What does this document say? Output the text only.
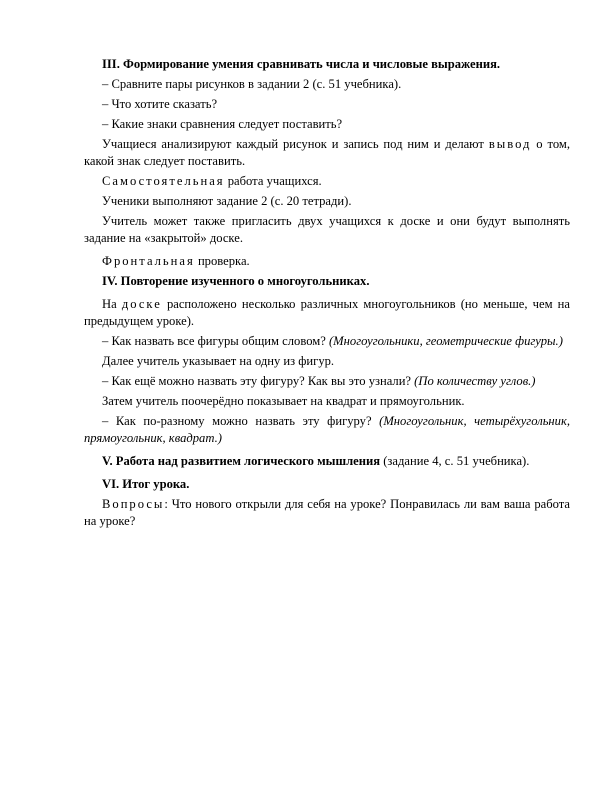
III. Формирование умения сравнивать числа и числовые выражения.

– Сравните пары рисунков в задании 2 (с. 51 учебника).

– Что хотите сказать?

– Какие знаки сравнения следует поставить?

Учащиеся анализируют каждый рисунок и запись под ним и делают вывод о том, какой знак следует поставить.

Самостоятельная работа учащихся.

Ученики выполняют задание 2 (с. 20 тетради).

Учитель может также пригласить двух учащихся к доске и они будут выполнять задание на «закрытой» доске.

Фронтальная проверка.

IV. Повторение изученного о многоугольниках.

На доске расположено несколько различных многоугольников (но меньше, чем на предыдущем уроке).

– Как назвать все фигуры общим словом? (Многоугольники, геометрические фигуры.)

Далее учитель указывает на одну из фигур.

– Как ещё можно назвать эту фигуру? Как вы это узнали? (По количеству углов.)

Затем учитель поочерёдно показывает на квадрат и прямоугольник.

– Как по-разному можно назвать эту фигуру? (Многоугольник, четырёхугольник, прямоугольник, квадрат.)

V. Работа над развитием логического мышления (задание 4, с. 51 учебника).

VI. Итог урока.

Вопросы: Что нового открыли для себя на уроке? Понравилась ли вам ваша работа на уроке?
